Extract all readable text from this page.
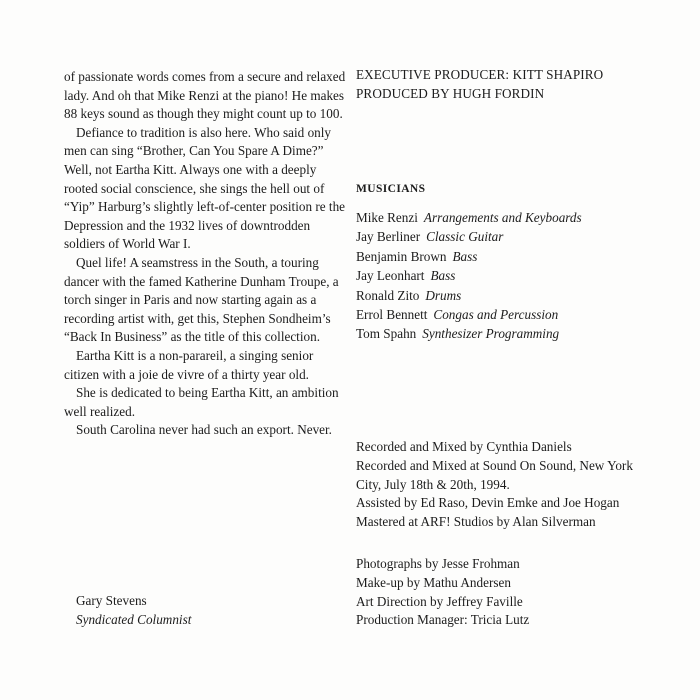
of passionate words comes from a secure and relaxed lady. And oh that Mike Renzi at the piano! He makes 88 keys sound as though they might count up to 100.

Defiance to tradition is also here. Who said only men can sing “Brother, Can You Spare A Dime?” Well, not Eartha Kitt. Always one with a deeply rooted social conscience, she sings the hell out of “Yip” Harburg’s slightly left-of-center position re the Depression and the 1932 lives of downtrodden soldiers of World War I.

Quel life! A seamstress in the South, a touring dancer with the famed Katherine Dunham Troupe, a torch singer in Paris and now starting again as a recording artist with, get this, Stephen Sondheim’s “Back In Business” as the title of this collection.

Eartha Kitt is a non-parareil, a singing senior citizen with a joie de vivre of a thirty year old.

She is dedicated to being Eartha Kitt, an ambition well realized.

South Carolina never had such an export. Never.

Gary Stevens
Syndicated Columnist
EXECUTIVE PRODUCER: KITT SHAPIRO
PRODUCED BY HUGH FORDIN
MUSICIANS
Mike Renzi Arrangements and Keyboards
Jay Berliner Classic Guitar
Benjamin Brown Bass
Jay Leonhart Bass
Ronald Zito Drums
Errol Bennett Congas and Percussion
Tom Spahn Synthesizer Programming
Recorded and Mixed by Cynthia Daniels
Recorded and Mixed at Sound On Sound, New York City, July 18th & 20th, 1994.
Assisted by Ed Raso, Devin Emke and Joe Hogan
Mastered at ARF! Studios by Alan Silverman
Photographs by Jesse Frohman
Make-up by Mathu Andersen
Art Direction by Jeffrey Faville
Production Manager: Tricia Lutz
